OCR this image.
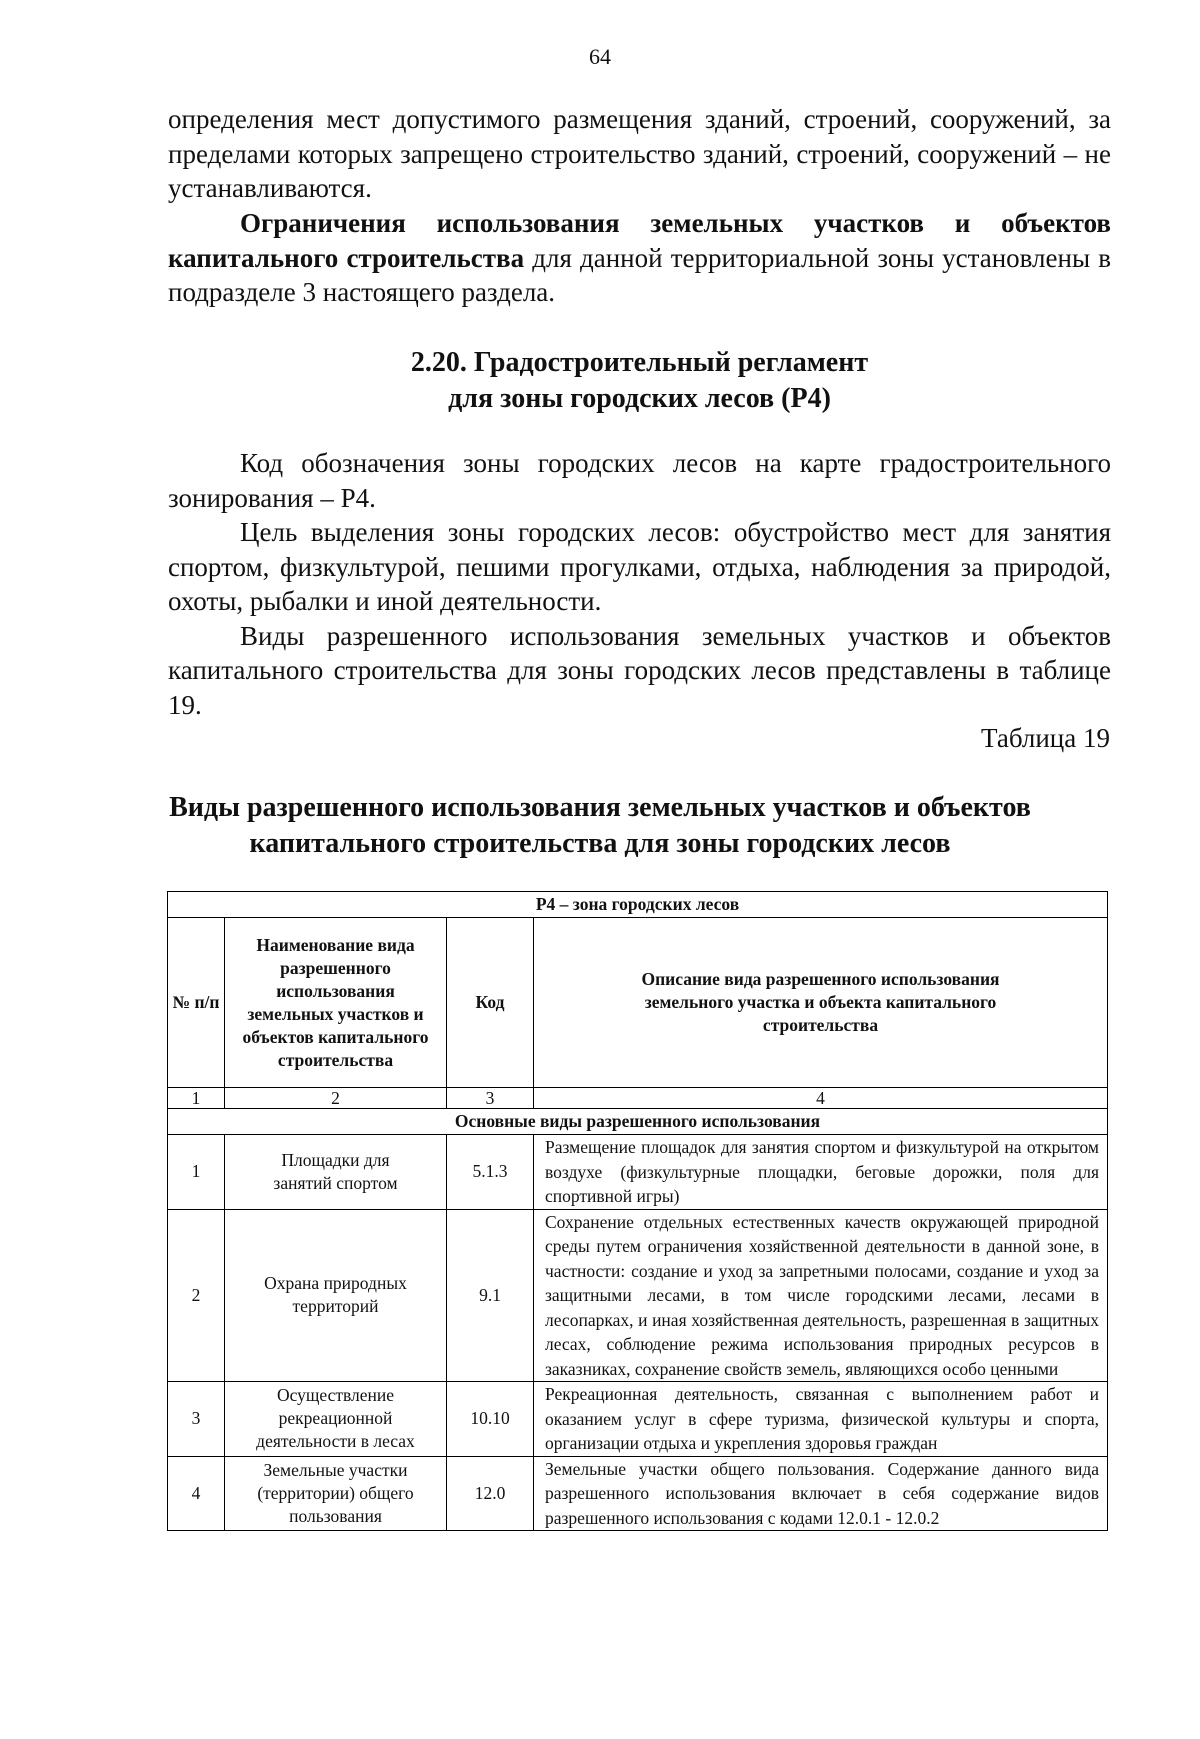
64

определения мест допустимого размещения зданий, строений, сооружений, за пределами которых запрещено строительство зданий, строений, сооружений – не устанавливаются.

Ограничения использования земельных участков и объектов капитального строительства для данной территориальной зоны установлены в подразделе 3 настоящего раздела.

2.20. Градостроительный регламент
для зоны городских лесов (Р4)

Код обозначения зоны городских лесов на карте градостроительного зонирования – Р4.

Цель выделения зоны городских лесов: обустройство мест для занятия спортом, физкультурой, пешими прогулками, отдыха, наблюдения за природой, охоты, рыбалки и иной деятельности.

Виды разрешенного использования земельных участков и объектов капитального строительства для зоны городских лесов представлены в таблице 19.

Таблица 19
Виды разрешенного использования земельных участков и объектов
капитального строительства для зоны городских лесов
Р4 – зона городских лесов			
№ п/п	Наименование вида разрешенного использования земельных участков и объектов капитального строительства	Код	Описание вида разрешенного использования земельного участка и объекта капитального строительства
1	2	3	4
Основные виды разрешенного использования			
1	Площадки для занятий спортом	5.1.3	Размещение площадок для занятия спортом и физкультурой на открытом воздухе (физкультурные площадки, беговые дорожки, поля для спортивной игры)
2	Охрана природных территорий	9.1	Сохранение отдельных естественных качеств окружающей природной среды путем ограничения хозяйственной деятельности в данной зоне, в частности: создание и уход за запретными полосами, создание и уход за защитными лесами, в том числе городскими лесами, лесами в лесопарках, и иная хозяйственная деятельность, разрешенная в защитных лесах, соблюдение режима использования природных ресурсов в заказниках, сохранение свойств земель, являющихся особо ценными
3	Осуществление рекреационной деятельности в лесах	10.10	Рекреационная деятельность, связанная с выполнением работ и оказанием услуг в сфере туризма, физической культуры и спорта, организации отдыха и укрепления здоровья граждан
4	Земельные участки (территории) общего пользования	12.0	Земельные участки общего пользования. Содержание данного вида разрешенного использования включает в себя содержание видов разрешенного использования с кодами 12.0.1 - 12.0.2
